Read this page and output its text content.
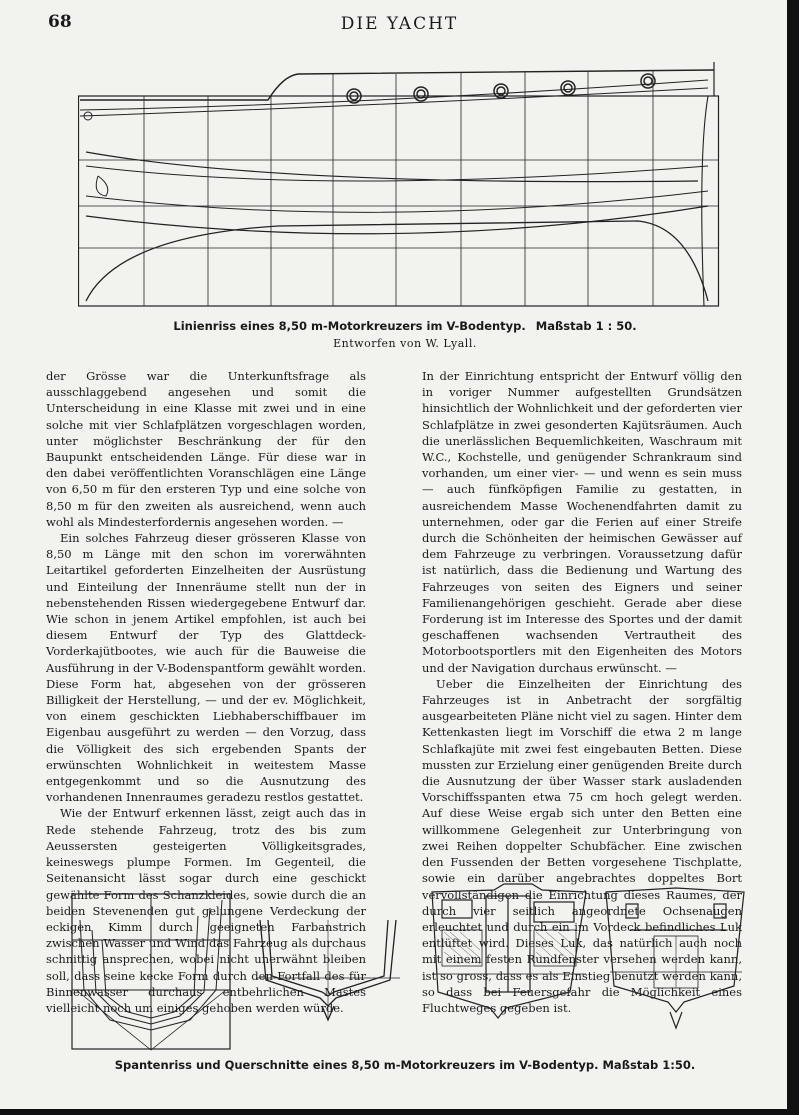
68	DIE YACHT
Linienriss eines 8,50 m-Motorkreuzers im V-Bodentyp. Maßstab 1 : 50.
Entworfen von W. Lyall.

der Grösse war die Unterkunftsfrage als ausschlaggebend angesehen und somit die Unterscheidung in eine Klasse mit zwei und in eine solche mit vier Schlafplätzen vorgeschlagen worden, unter möglichster Beschränkung der für den Baupunkt entscheidenden Länge. Für diese war in den dabei veröffentlichten Voranschlägen eine Länge von 6,50 m für den ersteren Typ und eine solche von 8,50 m für den zweiten als ausreichend, wenn auch wohl als Mindesterfordernis angesehen worden. —

Ein solches Fahrzeug dieser grösseren Klasse von 8,50 m Länge mit den schon im vorerwähnten Leitartikel geforderten Einzelheiten der Ausrüstung und Einteilung der Innenräume stellt nun der in nebenstehenden Rissen wiedergegebene Entwurf dar. Wie schon in jenem Artikel empfohlen, ist auch bei diesem Entwurf der Typ des Glattdeck-Vorderkajütbootes, wie auch für die Bauweise die Ausführung in der V-Bodenspantform gewählt worden. Diese Form hat, abgesehen von der grösseren Billigkeit der Herstellung, — und der ev. Möglichkeit, von einem geschickten Liebhaberschiffbauer im Eigenbau ausgeführt zu werden — den Vorzug, dass die Völligkeit des sich ergebenden Spants der erwünschten Wohnlichkeit in weitestem Masse entgegenkommt und so die Ausnutzung des vorhandenen Innenraumes geradezu restlos gestattet.

Wie der Entwurf erkennen lässt, zeigt auch das in Rede stehende Fahrzeug, trotz des bis zum Aeussersten gesteigerten Völligkeitsgrades, keineswegs plumpe Formen. Im Gegenteil, die Seitenansicht lässt sogar durch eine geschickt gewählte Form des Schanzkleides, sowie durch die an beiden Stevenenden gut gelungene Verdeckung der eckigen Kimm durch geeigneten Farbanstrich zwischen Wasser und Wind das Fahrzeug als durchaus schnittig ansprechen, wobei nicht unerwähnt bleiben soll, dass seine kecke Form durch den Fortfall des für Binnenwasser durchaus entbehrlichen Mastes vielleicht noch um einiges gehoben werden würde.

In der Einrichtung entspricht der Entwurf völlig den in voriger Nummer aufgestellten Grundsätzen hinsichtlich der Wohnlichkeit und der geforderten vier Schlafplätze in zwei gesonderten Kajütsräumen. Auch die unerlässlichen Bequemlichkeiten, Waschraum mit W.C., Kochstelle, und genügender Schrankraum sind vorhanden, um einer vier- — und wenn es sein muss — auch fünfköpfigen Familie zu gestatten, in ausreichendem Masse Wochenendfahrten damit zu unternehmen, oder gar die Ferien auf einer Streife durch die Schönheiten der heimischen Gewässer auf dem Fahrzeuge zu verbringen. Voraussetzung dafür ist natürlich, dass die Bedienung und Wartung des Fahrzeuges von seiten des Eigners und seiner Familienangehörigen geschieht. Gerade aber diese Forderung ist im Interesse des Sportes und der damit geschaffenen wachsenden Vertrautheit des Motorbootsportlers mit den Eigenheiten des Motors und der Navigation durchaus erwünscht. —

Ueber die Einzelheiten der Einrichtung des Fahrzeuges ist in Anbetracht der sorgfältig ausgearbeiteten Pläne nicht viel zu sagen. Hinter dem Kettenkasten liegt im Vorschiff die etwa 2 m lange Schlafkajüte mit zwei fest eingebauten Betten. Diese mussten zur Erzielung einer genügenden Breite durch die Ausnutzung der über Wasser stark ausladenden Vorschiffsspanten etwa 75 cm hoch gelegt werden. Auf diese Weise ergab sich unter den Betten eine willkommene Gelegenheit zur Unterbringung von zwei Reihen doppelter Schubfächer. Eine zwischen den Fussenden der Betten vorgesehene Tischplatte, sowie ein darüber angebrachtes doppeltes Bort vervollständigen die Einrichtung dieses Raumes, der durch vier seitlich angeordnete Ochsenaugen erleuchtet und durch ein im Vordeck befindliches Luk entlüftet wird. Dieses Luk, das natürlich auch noch mit einem festen Rundfenster versehen werden kann, ist so gross, dass es als Einstieg benutzt werden kann, so dass bei Feuersgefahr die Möglichkeit eines Fluchtweges gegeben ist.

Spantenriss und Querschnitte eines 8,50 m-Motorkreuzers im V-Bodentyp. Maßstab 1:50.
